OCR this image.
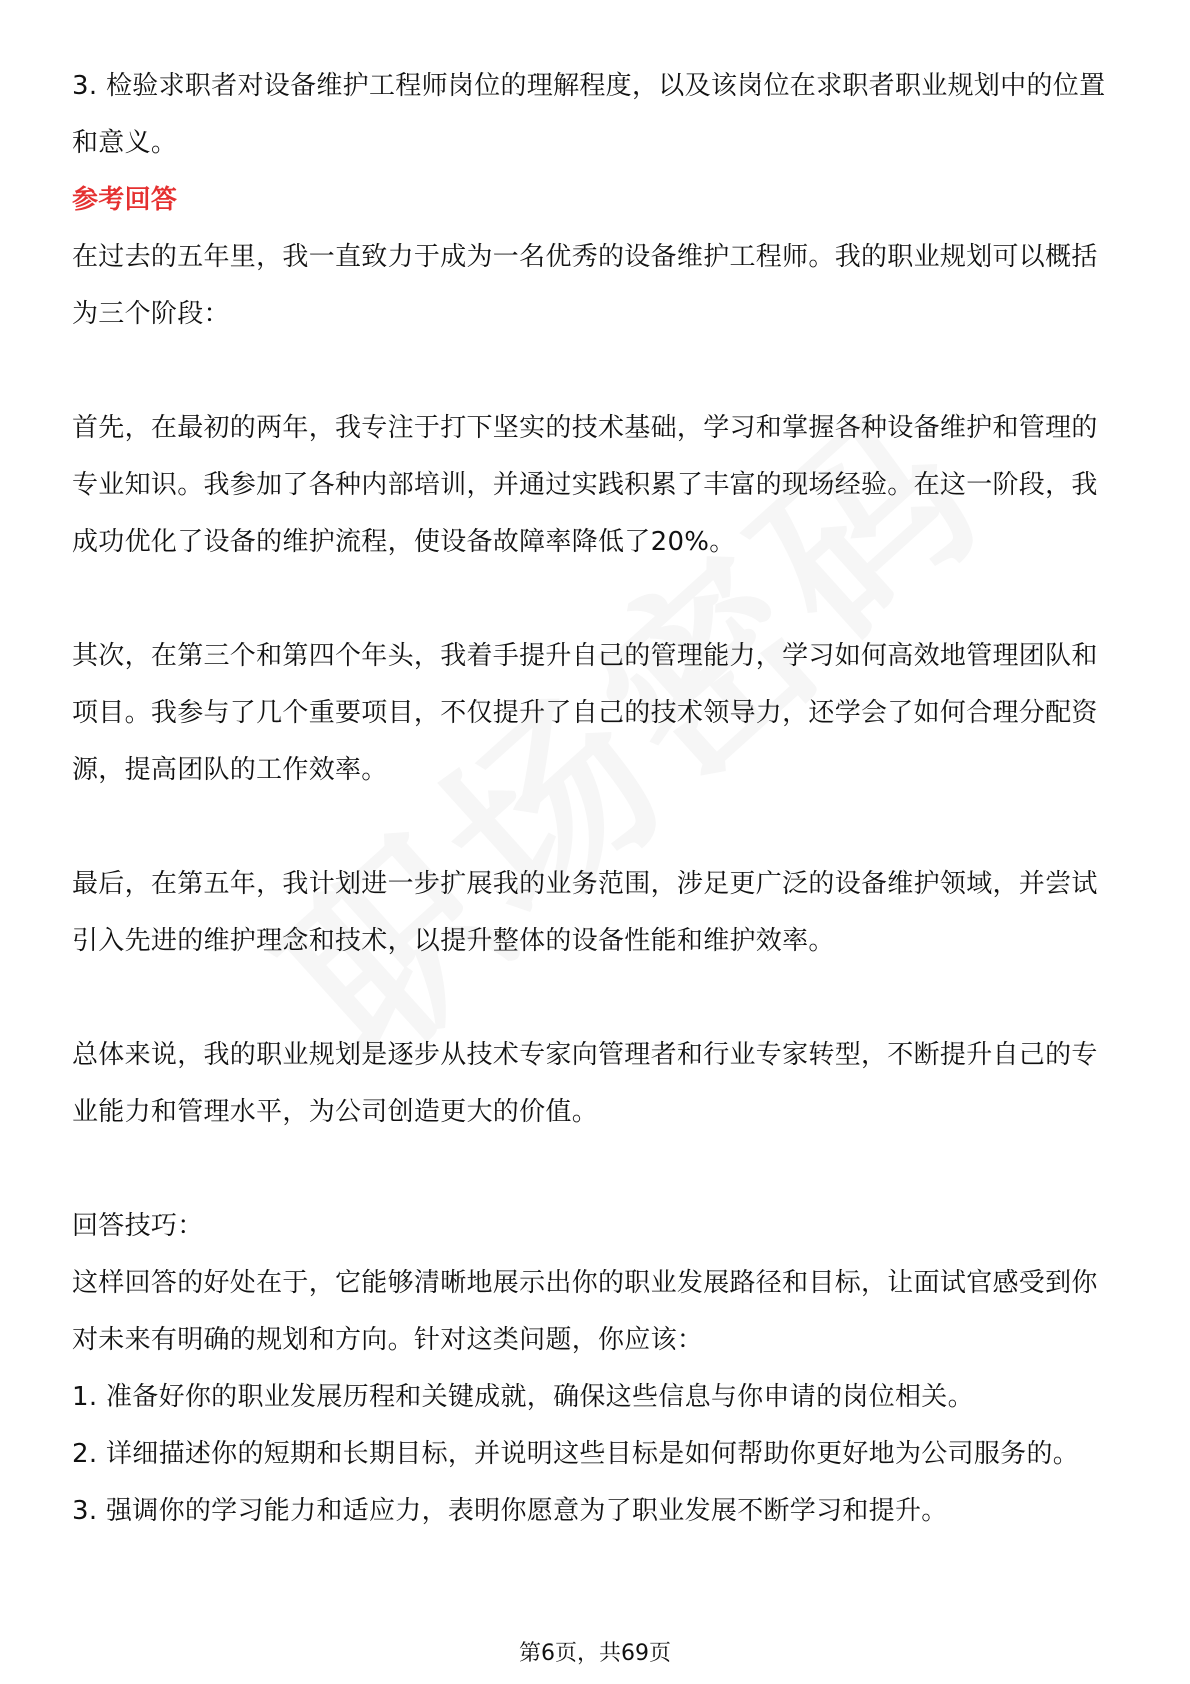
3. 检验求职者对设备维护工程师岗位的理解程度，以及该岗位在求职者职业规划中的位置和意义。

参考回答

在过去的五年里，我一直致力于成为一名优秀的设备维护工程师。我的职业规划可以概括为三个阶段：

首先，在最初的两年，我专注于打下坚实的技术基础，学习和掌握各种设备维护和管理的专业知识。我参加了各种内部培训，并通过实践积累了丰富的现场经验。在这一阶段，我成功优化了设备的维护流程，使设备故障率降低了20%。

其次，在第三个和第四个年头，我着手提升自己的管理能力，学习如何高效地管理团队和项目。我参与了几个重要项目，不仅提升了自己的技术领导力，还学会了如何合理分配资源，提高团队的工作效率。

最后，在第五年，我计划进一步扩展我的业务范围，涉足更广泛的设备维护领域，并尝试引入先进的维护理念和技术，以提升整体的设备性能和维护效率。

总体来说，我的职业规划是逐步从技术专家向管理者和行业专家转型，不断提升自己的专业能力和管理水平，为公司创造更大的价值。

回答技巧：

这样回答的好处在于，它能够清晰地展示出你的职业发展路径和目标，让面试官感受到你对未来有明确的规划和方向。针对这类问题，你应该：

1. 准备好你的职业发展历程和关键成就，确保这些信息与你申请的岗位相关。

2. 详细描述你的短期和长期目标，并说明这些目标是如何帮助你更好地为公司服务的。

3. 强调你的学习能力和适应力，表明你愿意为了职业发展不断学习和提升。

第6页，共69页
